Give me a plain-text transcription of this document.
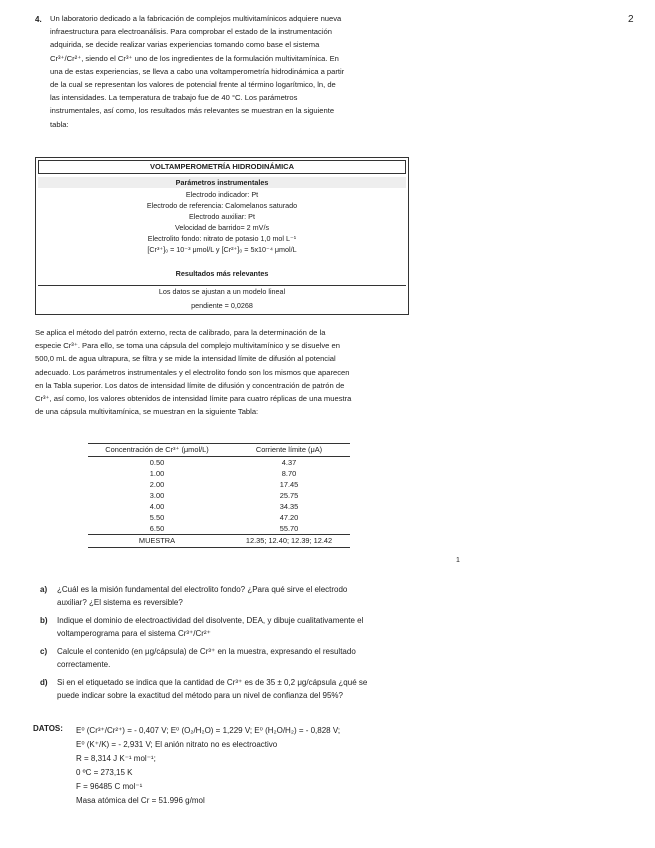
2
4. Un laboratorio dedicado a la fabricación de complejos multivitamínicos adquiere nueva
infraestructura para electroanálisis. Para comprobar el estado de la instrumentación
adquirida, se decide realizar varias experiencias tomando como base el sistema
Cr³⁺/Cr²⁺, siendo el Cr³⁺ uno de los ingredientes de la formulación multivitamínica. En
una de estas experiencias, se lleva a cabo una voltamperometría hidrodinámica a partir
de la cual se representan los valores de potencial frente al término logarítmico, ln, de
las intensidades. La temperatura de trabajo fue de 40 °C. Los parámetros
instrumentales, así como, los resultados más relevantes se muestran en la siguiente
tabla:
VOLTAMPEROMETRÍA HIDRODINÁMICA
Parámetros instrumentales
Electrodo indicador: Pt
Electrodo de referencia: Calomelanos saturado
Electrodo auxiliar: Pt
Velocidad de barrido= 2 mV/s
Electrolito fondo: nitrato de potasio 1,0 mol L⁻¹
[Cr³⁺]₀ = 10⁻³ μmol/L y [Cr²⁺]₀ = 5x10⁻⁴ μmol/L
Resultados más relevantes
Los datos se ajustan a un modelo lineal
pendiente = 0,0268
Se aplica el método del patrón externo, recta de calibrado, para la determinación de la
especie Cr³⁺. Para ello, se toma una cápsula del complejo multivitamínico y se disuelve en
500,0 mL de agua ultrapura, se filtra y se mide la intensidad límite de difusión al potencial
adecuado. Los parámetros instrumentales y el electrolito fondo son los mismos que aparecen
en la Tabla superior. Los datos de intensidad límite de difusión y concentración de patrón de
Cr³⁺, así como, los valores obtenidos de intensidad límite para cuatro réplicas de una muestra
de una cápsula multivitamínica, se muestran en la siguiente Tabla:
Concentración de Cr³⁺ (μmol/L)	Corriente límite (μA)
0.50	4.37
1.00	8.70
2.00	17.45
3.00	25.75
4.00	34.35
5.50	47.20
6.50	55.70
MUESTRA	12.35; 12.40; 12.39; 12.42
1
a) ¿Cuál es la misión fundamental del electrolito fondo? ¿Para qué sirve el electrodo
auxiliar? ¿El sistema es reversible?
b) Indique el dominio de electroactividad del disolvente, DEA, y dibuje cualitativamente el
voltamperograma para el sistema Cr³⁺/Cr²⁺
c) Calcule el contenido (en μg/cápsula) de Cr³⁺ en la muestra, expresando el resultado
correctamente.
d) Si en el etiquetado se indica que la cantidad de Cr³⁺ es de 35 ± 0,2 μg/cápsula ¿qué se
puede indicar sobre la exactitud del método para un nivel de confianza del 95%?
DATOS: E⁰ (Cr³⁺/Cr²⁺) = - 0,407 V; E⁰ (O₂/H₂O) = 1,229 V; E⁰ (H₂O/H₂) = - 0,828 V;
E⁰ (K⁺/K) = - 2,931 V; El anión nitrato no es electroactivo
R = 8,314 J K⁻¹ mol⁻¹;
0 ºC = 273,15 K
F = 96485 C mol⁻¹
Masa atómica del Cr = 51.996 g/mol
